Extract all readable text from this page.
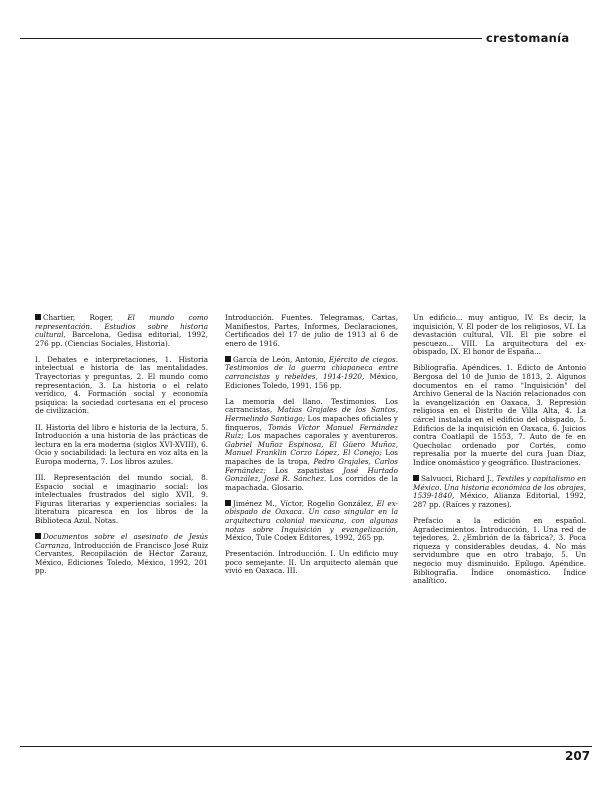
crestomanía

Chartier, Roger, El mundo como representación. Estudios sobre historia cultural, Barcelona, Gedisa editorial, 1992, 276 pp. (Ciencias Sociales, Historia).

I. Debates e interpretaciones, 1. Historia intelectual e historia de las mentalidades. Trayectorias y preguntas, 2. El mundo como representación, 3. La historia o el relato verídico, 4. Formación social y economía psíquica: la sociedad cortesana en el proceso de civilización.

II. Historia del libro e historia de la lectura, 5. Introducción a una historia de las prácticas de lectura en la era moderna (siglos XVI-XVIII), 6. Ocio y sociabilidad: la lectura en voz alta en la Europa moderna, 7. Los libros azules.

III. Representación del mundo social, 8. Espacio social e imaginario social: los intelectuales frustrados del siglo XVII, 9. Figuras literarias y experiencias sociales: la literatura picaresca en los libros de la Biblioteca Azul. Notas.

Documentos sobre el asesinato de Jesús Carranza, Introducción de Francisco José Ruiz Cervantes, Recopilación de Héctor Zarauz, México, Ediciones Toledo, México, 1992, 201 pp.

Introducción. Fuentes. Telegramas, Cartas, Manifiestos, Partes, Informes, Declaraciones, Certificados del 17 de julio de 1913 al 6 de enero de 1916.

García de León, Antonio, Ejército de ciegos. Testimonios de la guerra chiapaneca entre carrancistas y rebeldes, 1914-1920, México, Ediciones Toledo, 1991, 156 pp.

La memoria del llano. Testimonios. Los carrancistas, Matías Grajales de los Santos, Hermelindo Santiago; Los mapaches oficiales y finqueros, Tomás Victor Manuel Fernández Ruiz; Los mapaches caporales y aventureros. Gabriel Muñoz Espinosa, El Güero Muñoz, Manuel Franklin Corzo López, El Conejo; Los mapaches de la tropa, Pedro Grajales, Carlos Fernández; Los zapatistas José Hurtado González, José R. Sánchez. Los corridos de la mapachada. Glosario.

Jiménez M., Víctor, Rogelio González, El ex-obispado de Oaxaca. Un caso singular en la arquitectura colonial mexicana, con algunas notas sobre Inquisición y evangelización, México, Tule Codex Editores, 1992, 265 pp.

Presentación. Introducción. I. Un edificio muy poco semejante. II. Un arquitecto alemán que vivió en Oaxaca. III.

Un edificio... muy antiguo, IV. Es decir, la inquisición, V. El poder de los religiosos, VI. La devastación cultural, VII. El pie sobre el pescuezo... VIII. La arquitectura del ex-obispado, IX. El honor de España...

Bibliografía. Apéndices. 1. Edicto de Antonio Bergosa del 10 de Junio de 1813, 2. Algunos documentos en el ramo "Inquisición" del Archivo General de la Nación relacionados con la evangelización en Oaxaca, 3. Represión religiosa en el Distrito de Villa Alta, 4. La cárcel instalada en el edificio del obispado, 5. Edificios de la inquisición en Oaxaca, 6. Juicios contra Coatlapil de 1553, 7. Auto de fe en Quecholac ordenado por Cortés, como represalia por la muerte del cura Juan Díaz, Indice onomástico y geográfico. Ilustraciones.

Salvucci, Richard J., Textiles y capitalismo en México. Una historia económica de los obrajes, 1539-1840, México, Alianza Editorial, 1992, 287 pp. (Raíces y razones).

Prefacio a la edición en español. Agradecimientos. Introducción, 1. Una red de tejedores, 2. ¿Embrión de la fábrica?, 3. Poca riqueza y considerables deudas, 4. No más servidumbre que en otro trabajo, 5. Un negocio muy disminuido. Epílogo. Apéndice. Bibliografía. Índice onomástico. Índice analítico.

207
